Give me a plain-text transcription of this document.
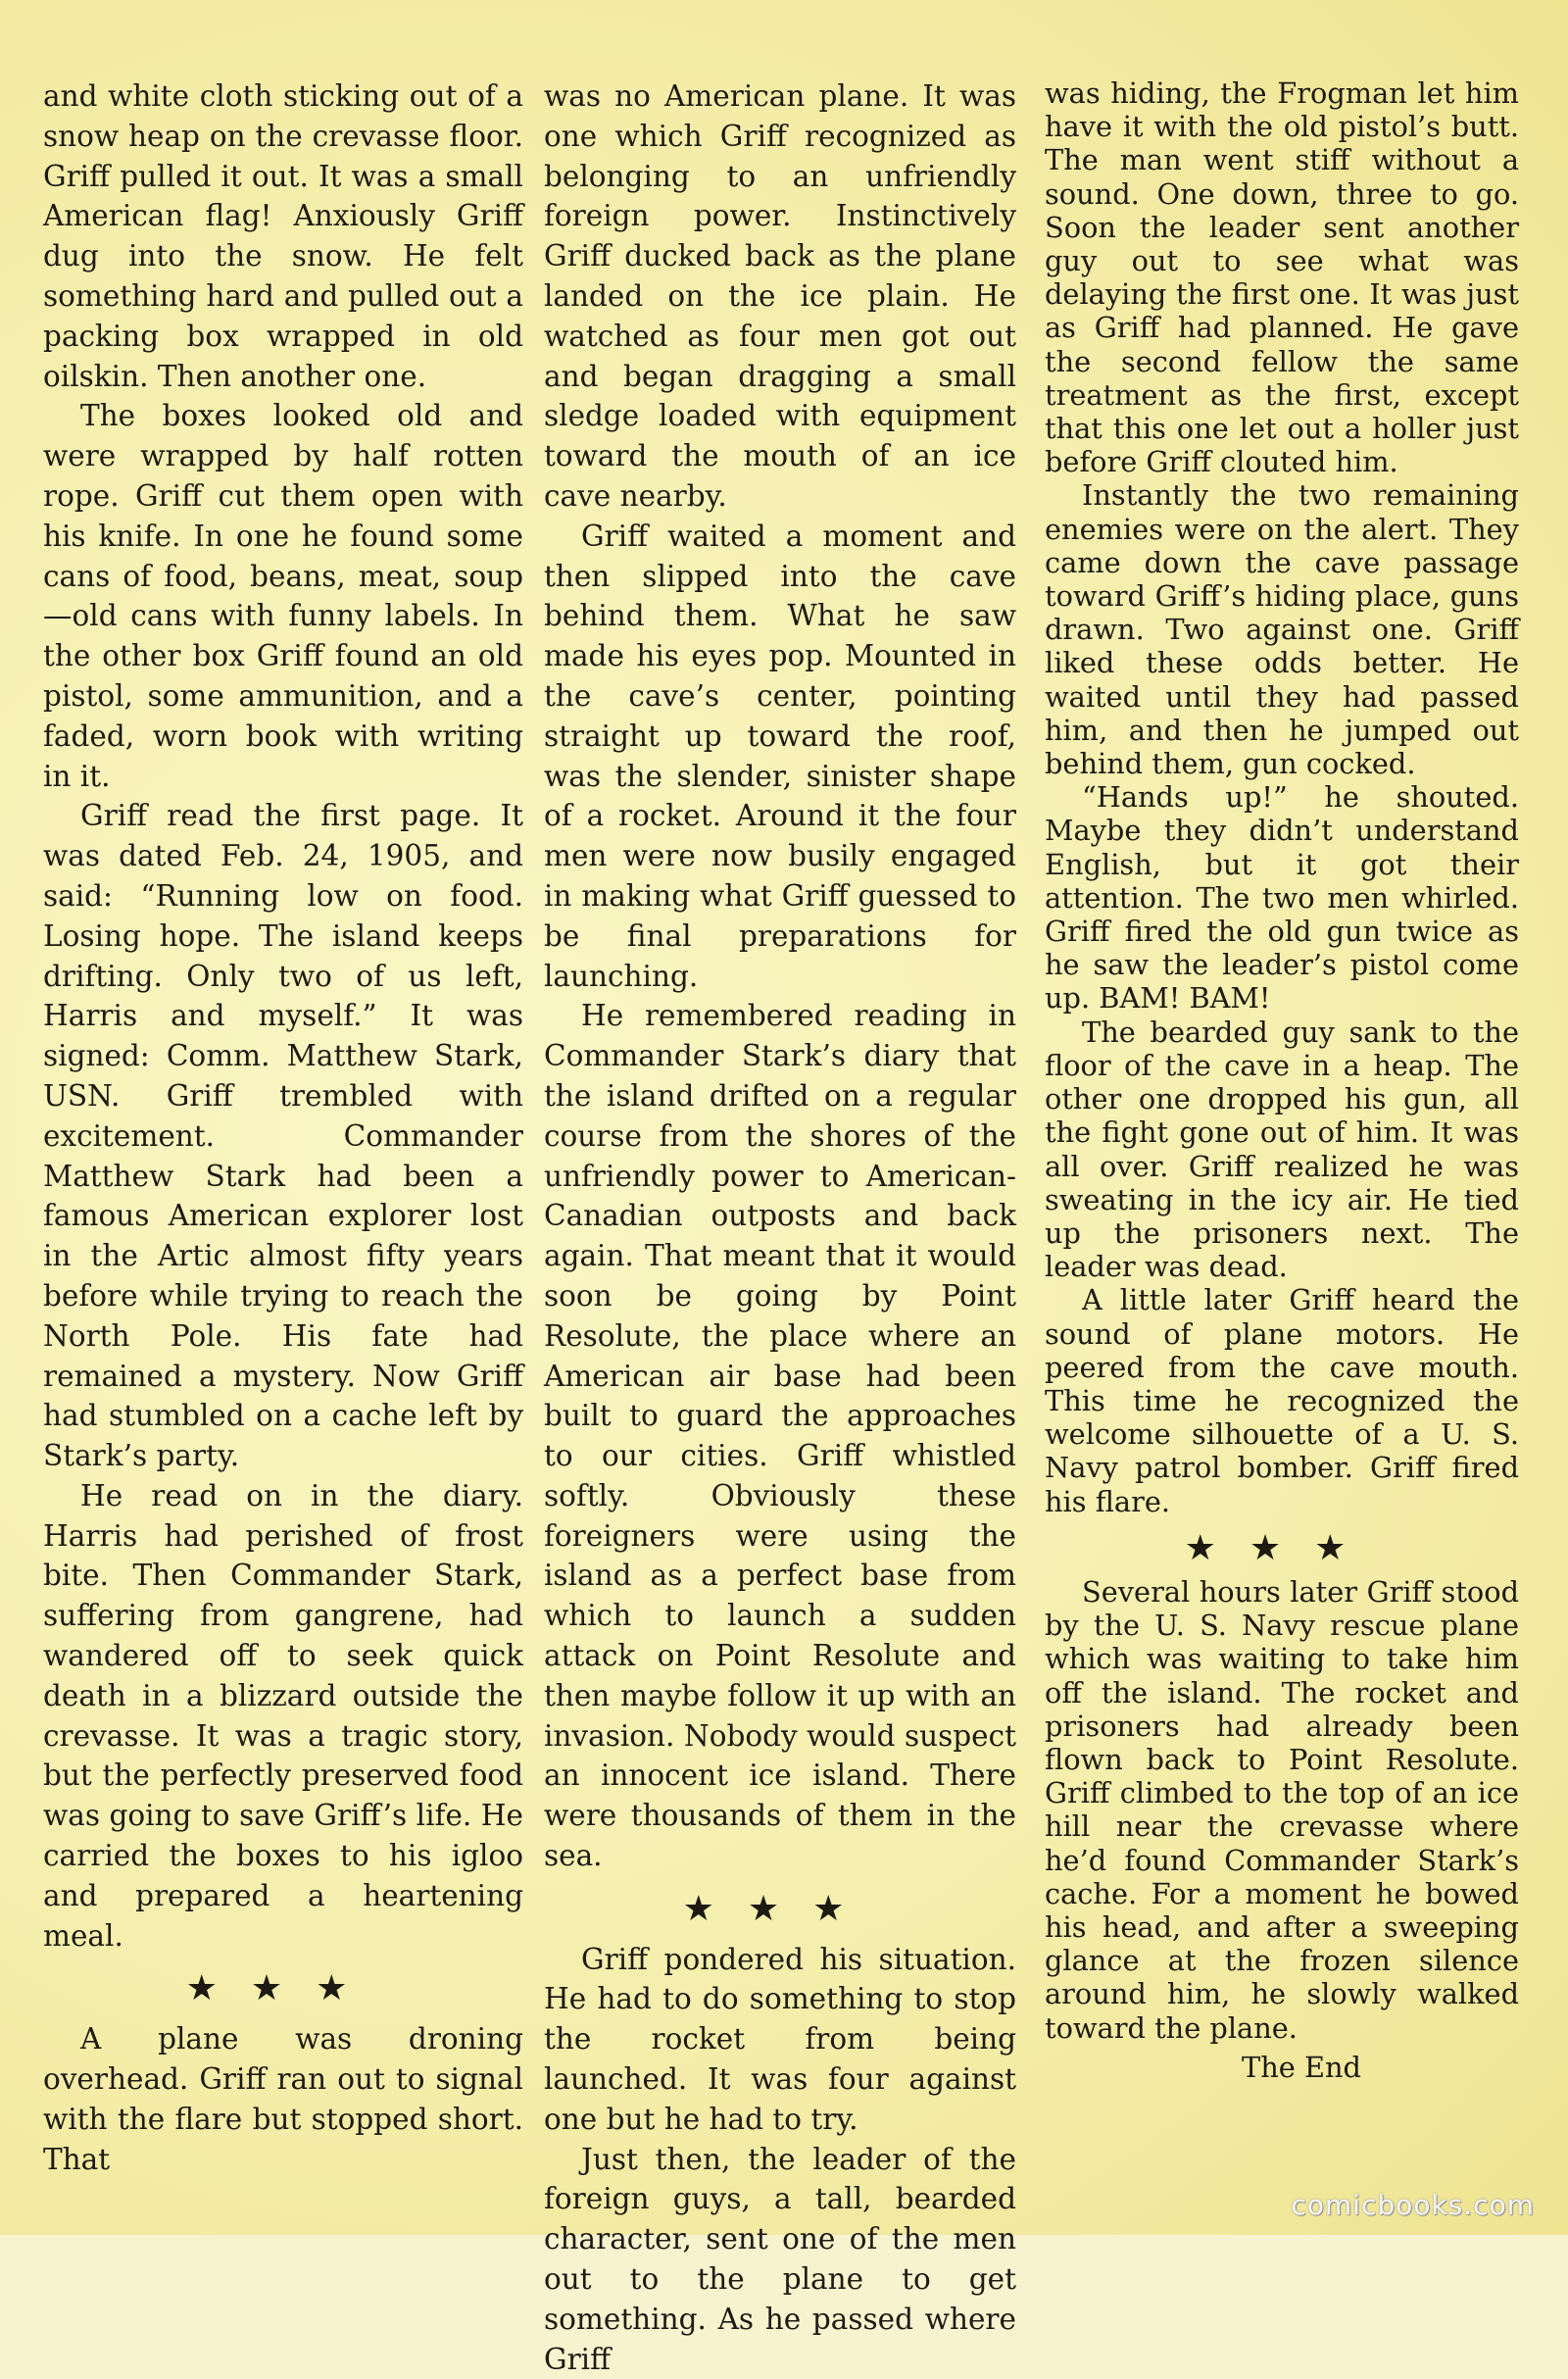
and white cloth sticking out of a snow heap on the crevasse floor. Griff pulled it out. It was a small American flag! Anxiously Griff dug into the snow. He felt something hard and pulled out a packing box wrapped in old oilskin. Then another one.

The boxes looked old and were wrapped by half rotten rope. Griff cut them open with his knife. In one he found some cans of food, beans, meat, soup —old cans with funny labels. In the other box Griff found an old pistol, some ammunition, and a faded, worn book with writing in it.

Griff read the first page. It was dated Feb. 24, 1905, and said: “Running low on food. Losing hope. The island keeps drifting. Only two of us left, Harris and myself.” It was signed: Comm. Matthew Stark, USN. Griff trembled with excitement. Commander Matthew Stark had been a famous American explorer lost in the Artic almost fifty years before while trying to reach the North Pole. His fate had remained a mystery. Now Griff had stumbled on a cache left by Stark’s party.

He read on in the diary. Harris had perished of frost bite. Then Commander Stark, suffering from gangrene, had wandered off to seek quick death in a blizzard outside the crevasse. It was a tragic story, but the perfectly preserved food was going to save Griff’s life. He carried the boxes to his igloo and prepared a heartening meal.

★★★

A plane was droning overhead. Griff ran out to signal with the flare but stopped short. That

was no American plane. It was one which Griff recognized as belonging to an unfriendly foreign power. Instinctively Griff ducked back as the plane landed on the ice plain. He watched as four men got out and began dragging a small sledge loaded with equipment toward the mouth of an ice cave nearby.

Griff waited a moment and then slipped into the cave behind them. What he saw made his eyes pop. Mounted in the cave’s center, pointing straight up toward the roof, was the slender, sinister shape of a rocket. Around it the four men were now busily engaged in making what Griff guessed to be final preparations for launching.

He remembered reading in Commander Stark’s diary that the island drifted on a regular course from the shores of the unfriendly power to American-Canadian outposts and back again. That meant that it would soon be going by Point Resolute, the place where an American air base had been built to guard the approaches to our cities. Griff whistled softly. Obviously these foreigners were using the island as a perfect base from which to launch a sudden attack on Point Resolute and then maybe follow it up with an invasion. Nobody would suspect an innocent ice island. There were thousands of them in the sea.

★★★

Griff pondered his situation. He had to do something to stop the rocket from being launched. It was four against one but he had to try.

Just then, the leader of the foreign guys, a tall, bearded character, sent one of the men out to the plane to get something. As he passed where Griff

was hiding, the Frogman let him have it with the old pistol’s butt. The man went stiff without a sound. One down, three to go. Soon the leader sent another guy out to see what was delaying the first one. It was just as Griff had planned. He gave the second fellow the same treatment as the first, except that this one let out a holler just before Griff clouted him.

Instantly the two remaining enemies were on the alert. They came down the cave passage toward Griff’s hiding place, guns drawn. Two against one. Griff liked these odds better. He waited until they had passed him, and then he jumped out behind them, gun cocked.

“Hands up!” he shouted. Maybe they didn’t understand English, but it got their attention. The two men whirled. Griff fired the old gun twice as he saw the leader’s pistol come up. BAM! BAM!

The bearded guy sank to the floor of the cave in a heap. The other one dropped his gun, all the fight gone out of him. It was all over. Griff realized he was sweating in the icy air. He tied up the prisoners next. The leader was dead.

A little later Griff heard the sound of plane motors. He peered from the cave mouth. This time he recognized the welcome silhouette of a U. S. Navy patrol bomber. Griff fired his flare.

★★★

Several hours later Griff stood by the U. S. Navy rescue plane which was waiting to take him off the island. The rocket and prisoners had already been flown back to Point Resolute. Griff climbed to the top of an ice hill near the crevasse where he’d found Commander Stark’s cache. For a moment he bowed his head, and after a sweeping glance at the frozen silence around him, he slowly walked toward the plane.

The End
comicbooks.com
